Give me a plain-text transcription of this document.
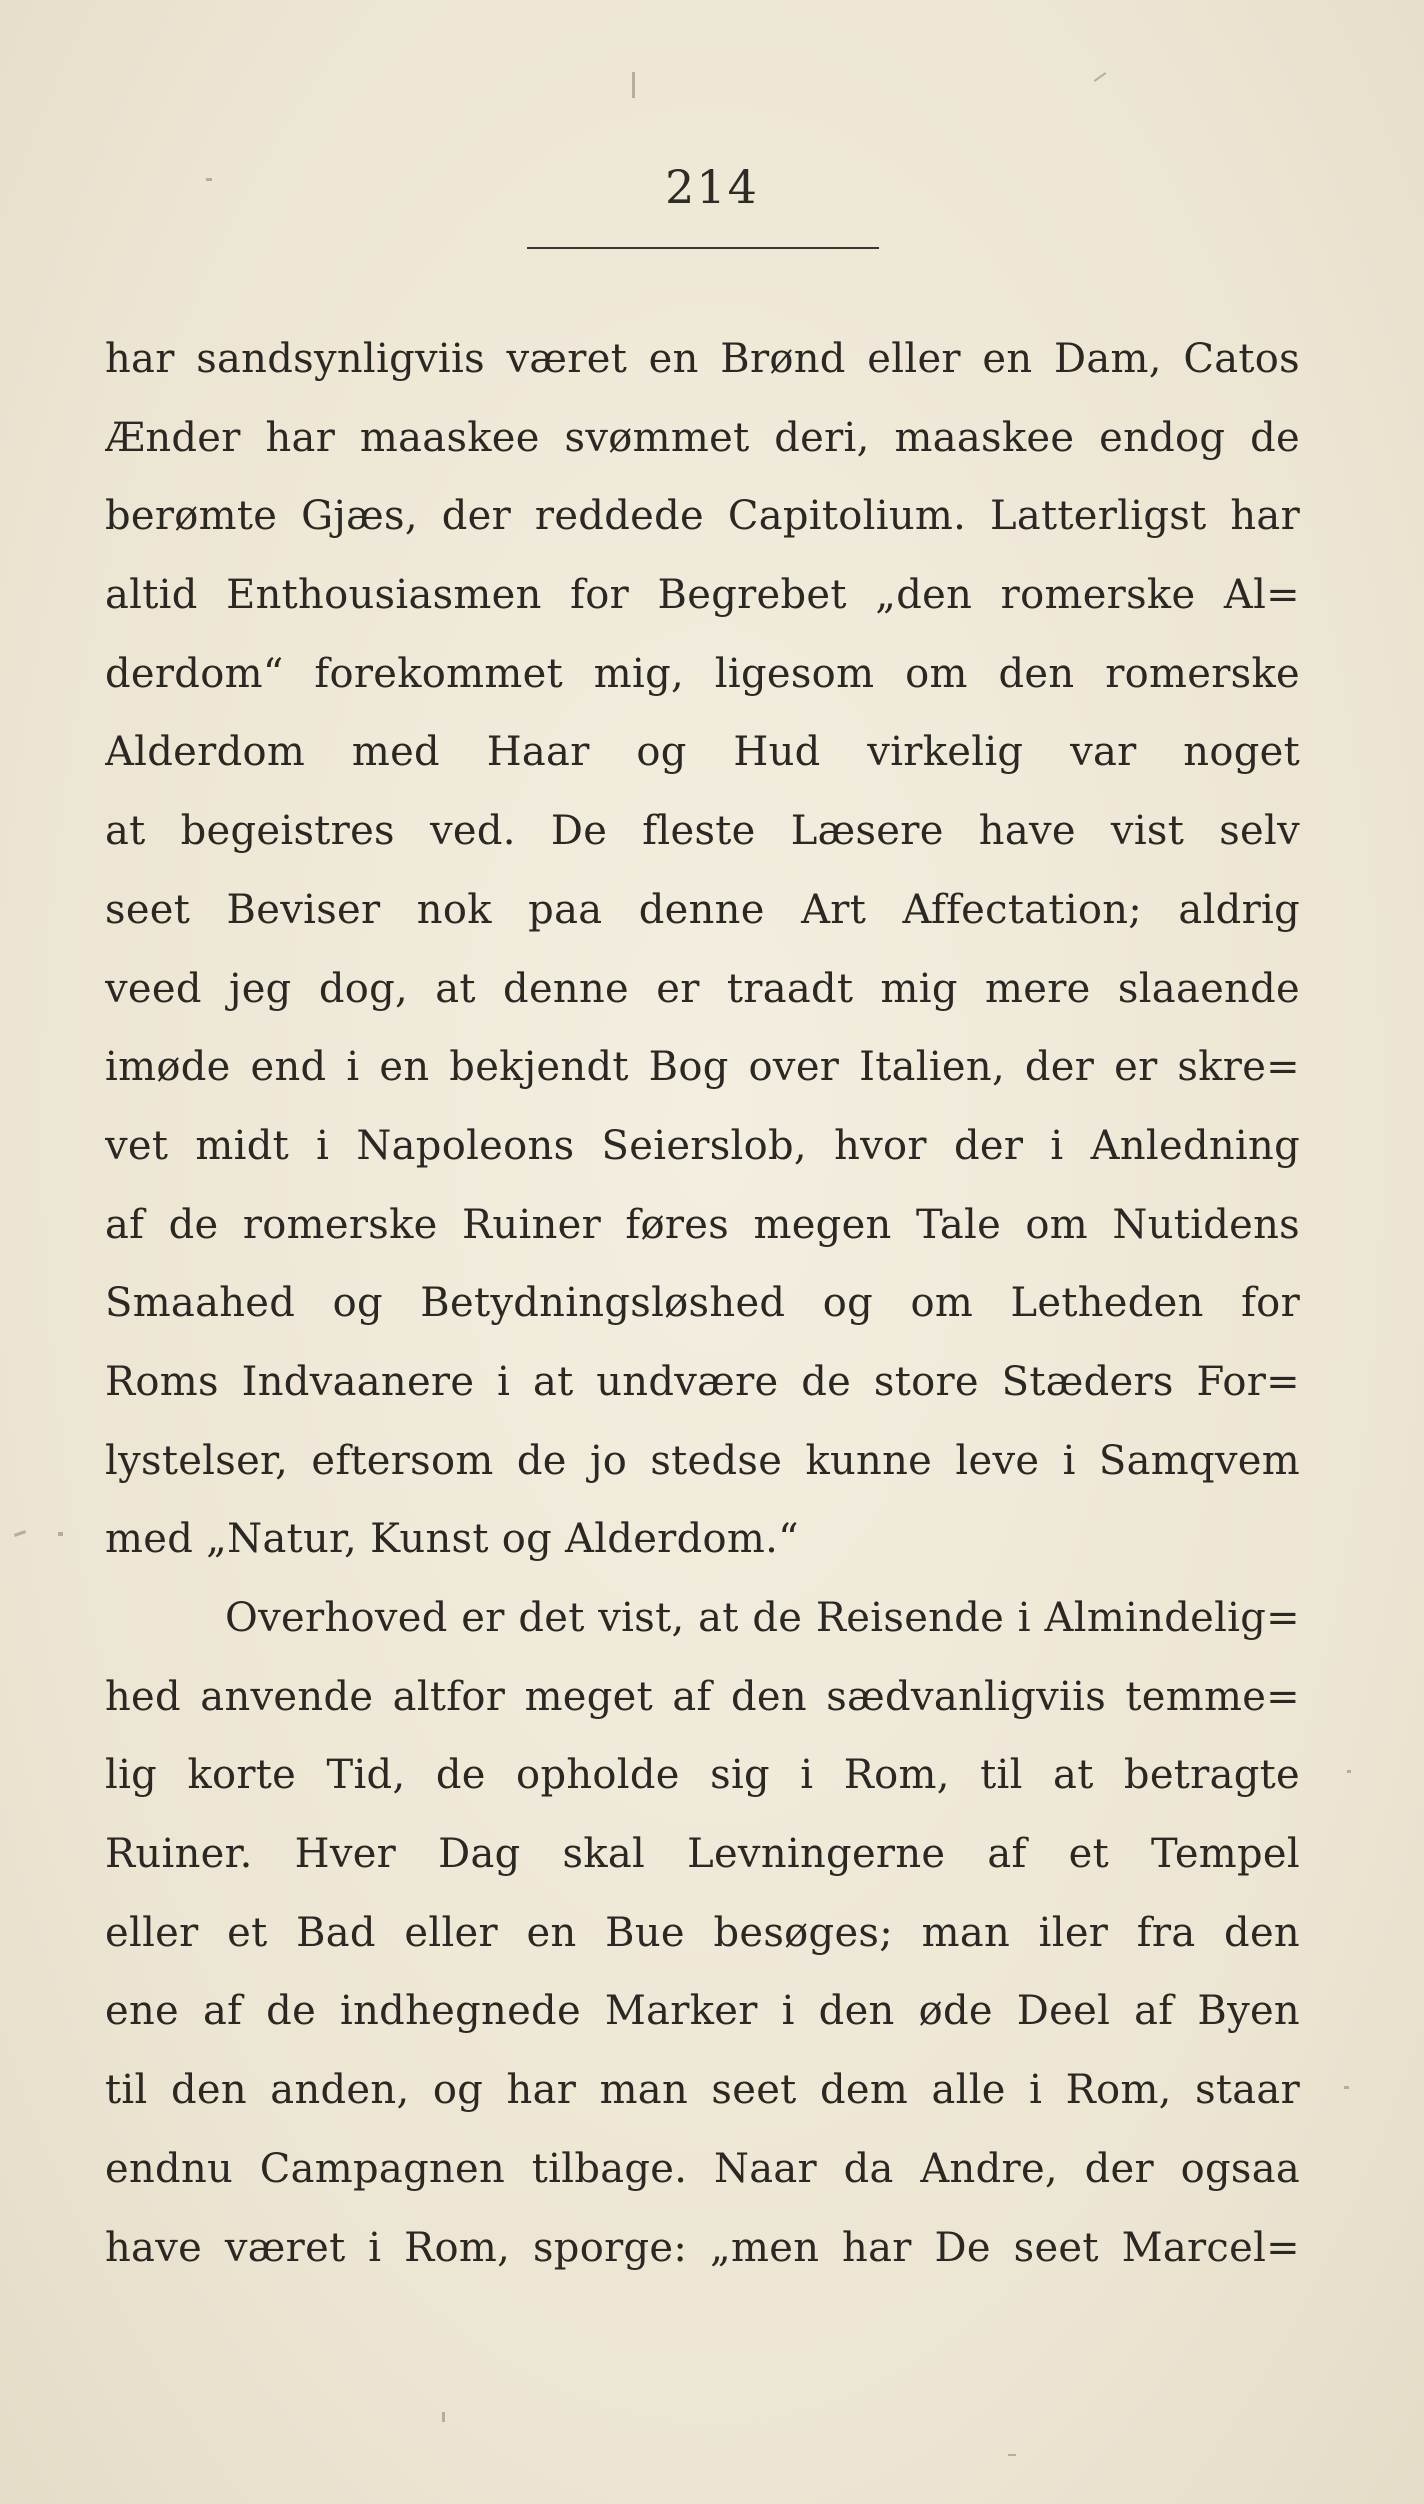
214
har sandsynligviis været en Brønd eller en Dam, Catos
Ænder har maaskee svømmet deri, maaskee endog de
berømte Gjæs, der reddede Capitolium. Latterligst har
altid Enthousiasmen for Begrebet „den romerske Al=
derdom“ forekommet mig, ligesom om den romerske
Alderdom med Haar og Hud virkelig var noget
at begeistres ved. De fleste Læsere have vist selv
seet Beviser nok paa denne Art Affectation; aldrig
veed jeg dog, at denne er traadt mig mere slaaende
imøde end i en bekjendt Bog over Italien, der er skre=
vet midt i Napoleons Seierslob, hvor der i Anledning
af de romerske Ruiner føres megen Tale om Nutidens
Smaahed og Betydningsløshed og om Letheden for
Roms Indvaanere i at undvære de store Stæders For=
lystelser, eftersom de jo stedse kunne leve i Samqvem
med „Natur, Kunst og Alderdom.“
Overhoved er det vist, at de Reisende i Almindelig=
hed anvende altfor meget af den sædvanligviis temme=
lig korte Tid, de opholde sig i Rom, til at betragte
Ruiner. Hver Dag skal Levningerne af et Tempel
eller et Bad eller en Bue besøges; man iler fra den
ene af de indhegnede Marker i den øde Deel af Byen
til den anden, og har man seet dem alle i Rom, staar
endnu Campagnen tilbage. Naar da Andre, der ogsaa
have været i Rom, sporge: „men har De seet Marcel=
